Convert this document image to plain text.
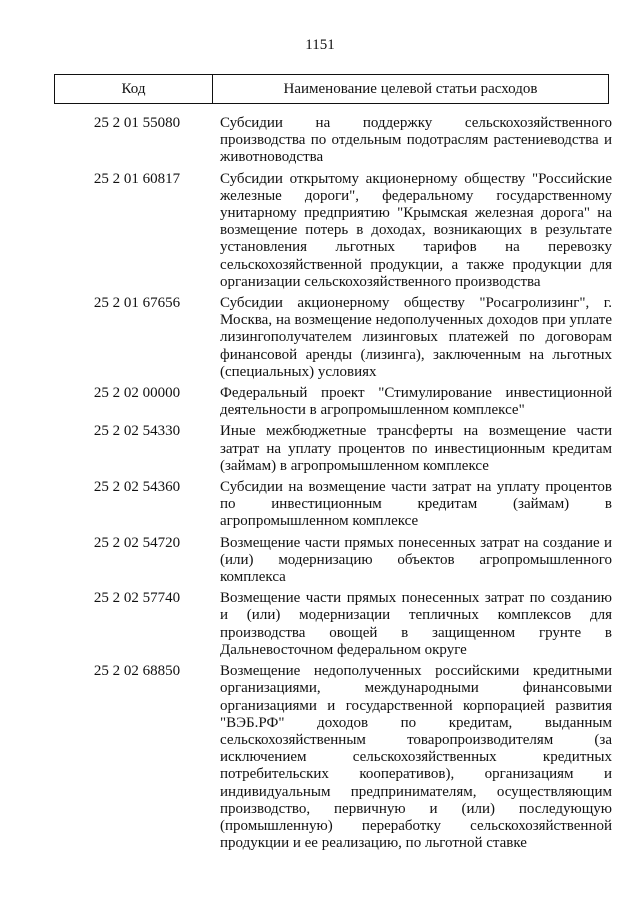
1151
Код	Наименование целевой статьи расходов
25 2 01 55080	Субсидии на поддержку сельскохозяйственного производства по отдельным подотраслям растениеводства и животноводства
25 2 01 60817	Субсидии открытому акционерному обществу "Российские железные дороги", федеральному государственному унитарному предприятию "Крымская железная дорога" на возмещение потерь в доходах, возникающих в результате установления льготных тарифов на перевозку сельскохозяйственной продукции, а также продукции для организации сельскохозяйственного производства
25 2 01 67656	Субсидии акционерному обществу "Росагролизинг", г. Москва, на возмещение недополученных доходов при уплате лизингополучателем лизинговых платежей по договорам финансовой аренды (лизинга), заключенным на льготных (специальных) условиях
25 2 02 00000	Федеральный проект "Стимулирование инвестиционной деятельности в агропромышленном комплексе"
25 2 02 54330	Иные межбюджетные трансферты на возмещение части затрат на уплату процентов по инвестиционным кредитам (займам) в агропромышленном комплексе
25 2 02 54360	Субсидии на возмещение части затрат на уплату процентов по инвестиционным кредитам (займам) в агропромышленном комплексе
25 2 02 54720	Возмещение части прямых понесенных затрат на создание и (или) модернизацию объектов агропромышленного комплекса
25 2 02 57740	Возмещение части прямых понесенных затрат по созданию и (или) модернизации тепличных комплексов для производства овощей в защищенном грунте в Дальневосточном федеральном округе
25 2 02 68850	Возмещение недополученных российскими кредитными организациями, международными финансовыми организациями и государственной корпорацией развития "ВЭБ.РФ" доходов по кредитам, выданным сельскохозяйственным товаропроизводителям (за исключением сельскохозяйственных кредитных потребительских кооперативов), организациям и индивидуальным предпринимателям, осуществляющим производство, первичную и (или) последующую (промышленную) переработку сельскохозяйственной продукции и ее реализацию, по льготной ставке
